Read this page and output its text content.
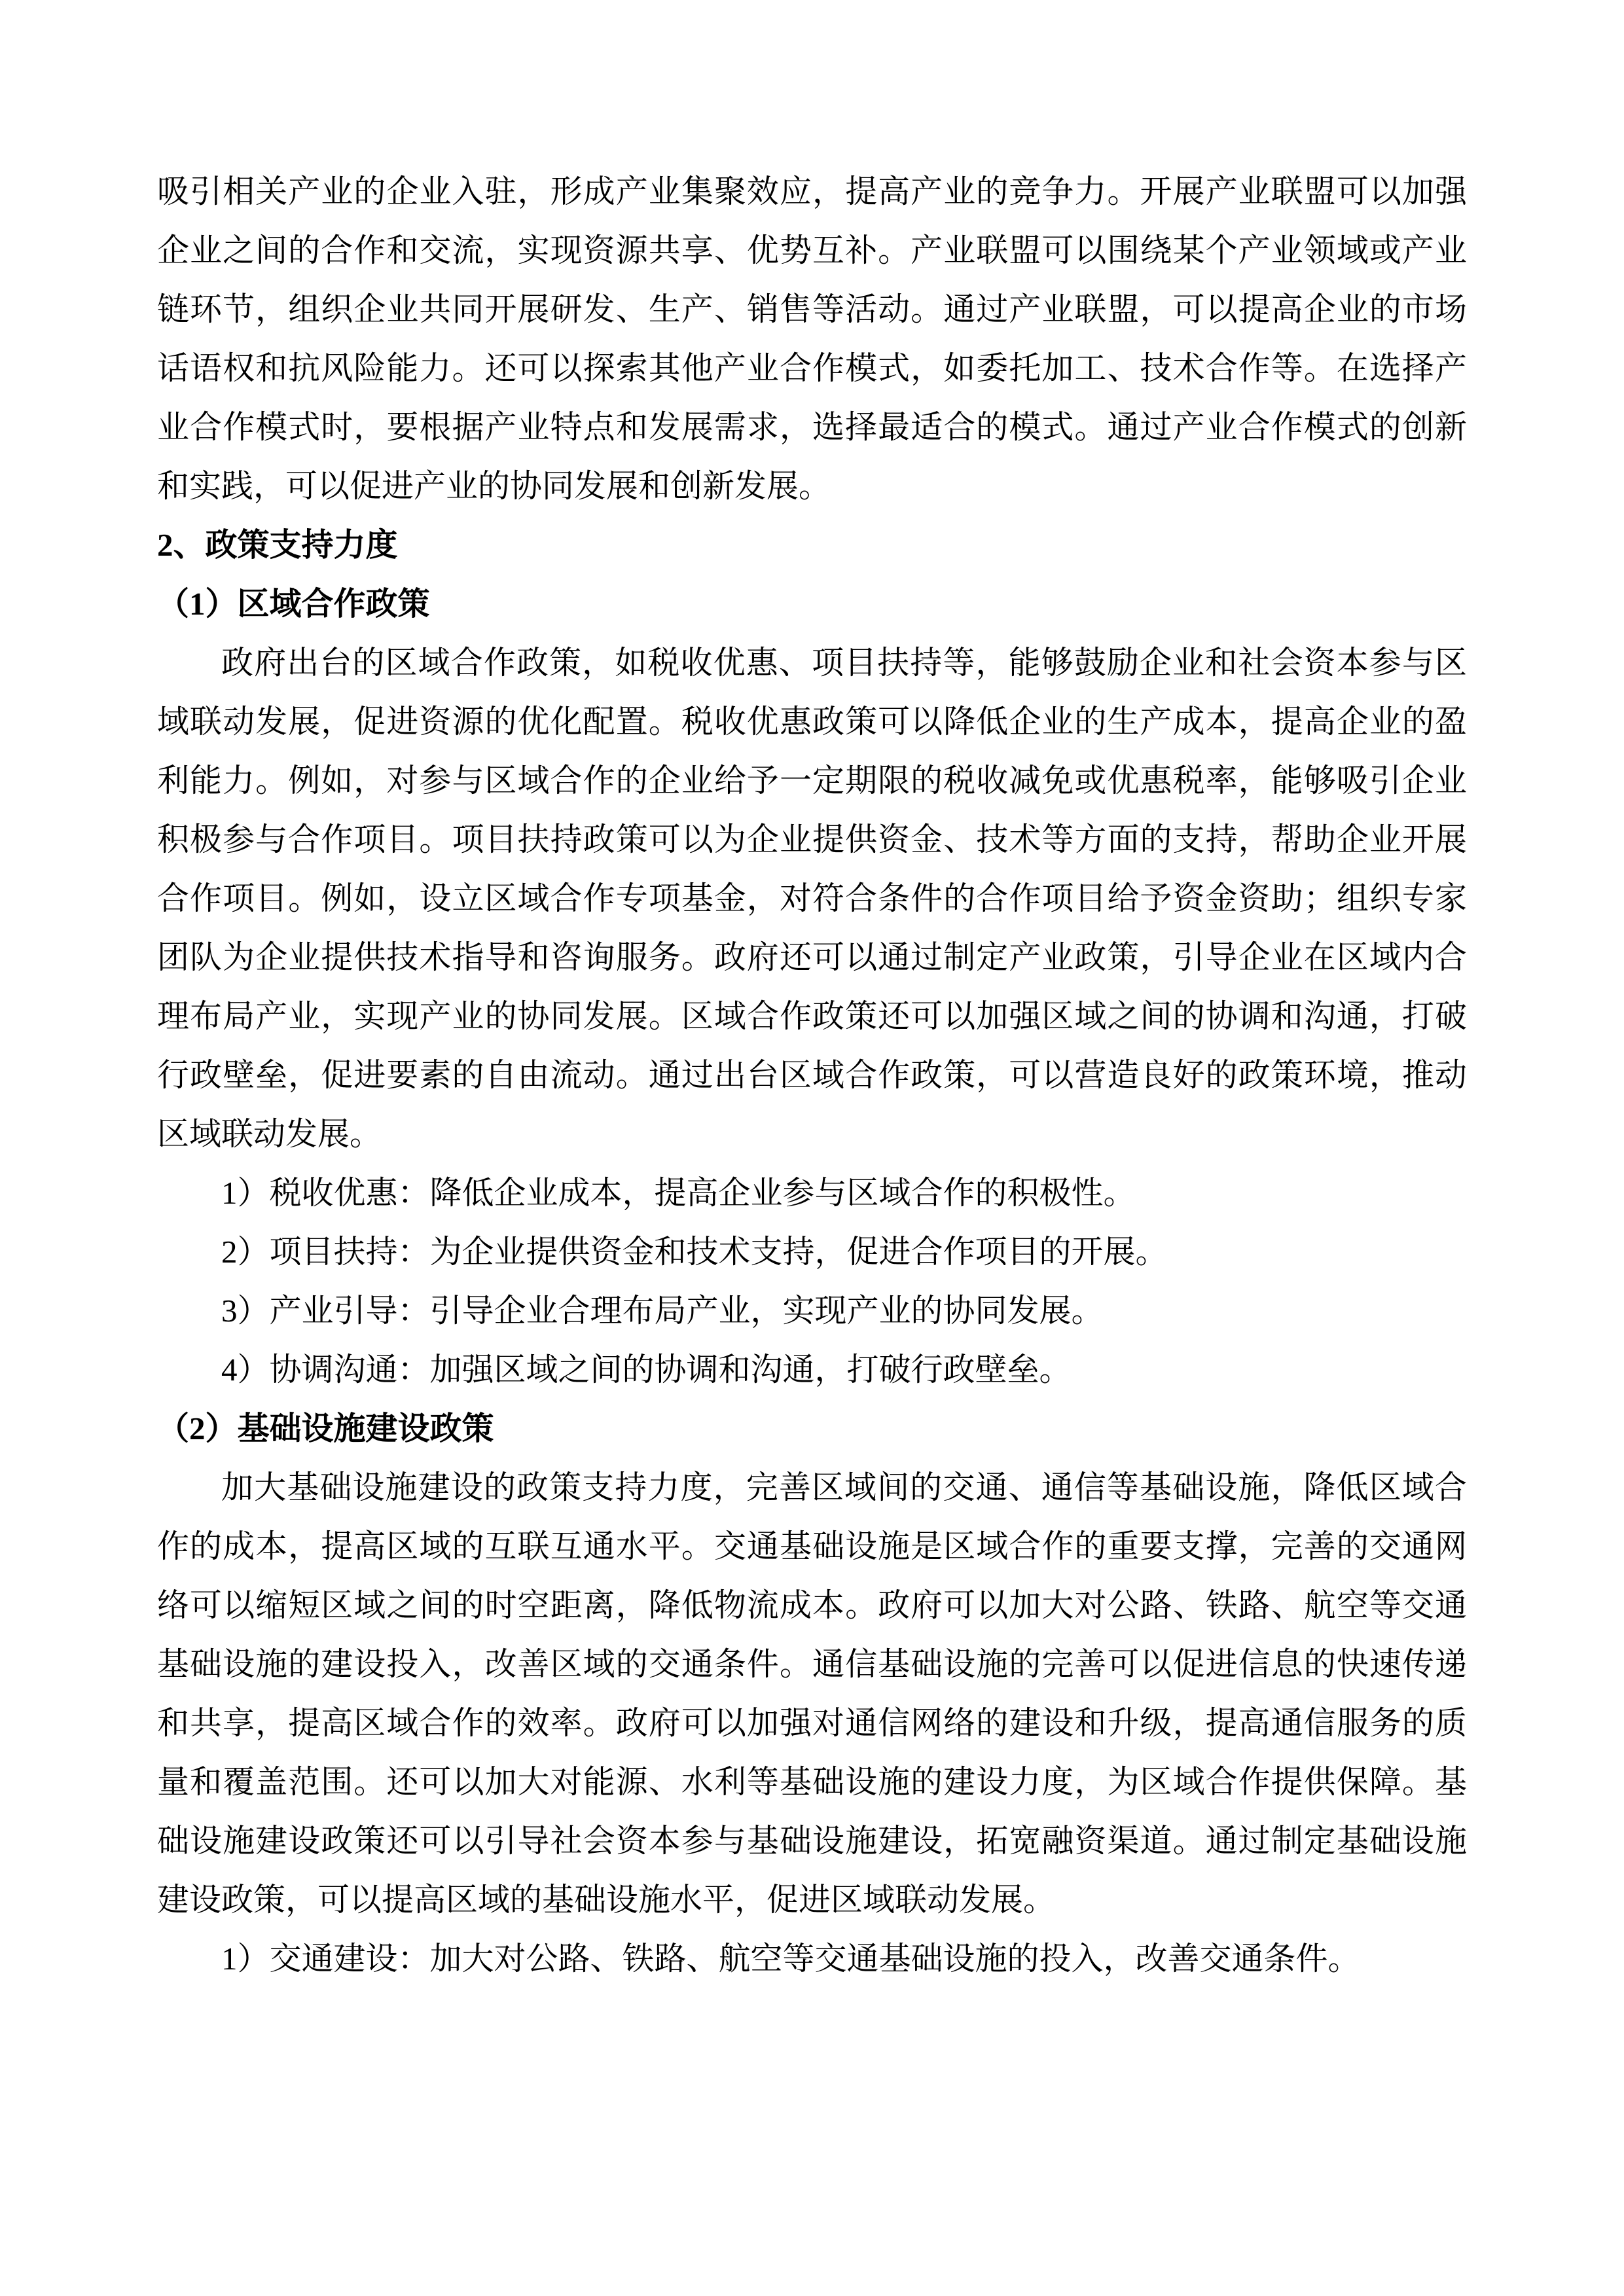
吸引相关产业的企业入驻，形成产业集聚效应，提高产业的竞争力。开展产业联盟可以加强企业之间的合作和交流，实现资源共享、优势互补。产业联盟可以围绕某个产业领域或产业链环节，组织企业共同开展研发、生产、销售等活动。通过产业联盟，可以提高企业的市场话语权和抗风险能力。还可以探索其他产业合作模式，如委托加工、技术合作等。在选择产业合作模式时，要根据产业特点和发展需求，选择最适合的模式。通过产业合作模式的创新和实践，可以促进产业的协同发展和创新发展。

2、政策支持力度

（1）区域合作政策

政府出台的区域合作政策，如税收优惠、项目扶持等，能够鼓励企业和社会资本参与区域联动发展，促进资源的优化配置。税收优惠政策可以降低企业的生产成本，提高企业的盈利能力。例如，对参与区域合作的企业给予一定期限的税收减免或优惠税率，能够吸引企业积极参与合作项目。项目扶持政策可以为企业提供资金、技术等方面的支持，帮助企业开展合作项目。例如，设立区域合作专项基金，对符合条件的合作项目给予资金资助；组织专家团队为企业提供技术指导和咨询服务。政府还可以通过制定产业政策，引导企业在区域内合理布局产业，实现产业的协同发展。区域合作政策还可以加强区域之间的协调和沟通，打破行政壁垒，促进要素的自由流动。通过出台区域合作政策，可以营造良好的政策环境，推动区域联动发展。

1）税收优惠：降低企业成本，提高企业参与区域合作的积极性。

2）项目扶持：为企业提供资金和技术支持，促进合作项目的开展。

3）产业引导：引导企业合理布局产业，实现产业的协同发展。

4）协调沟通：加强区域之间的协调和沟通，打破行政壁垒。

（2）基础设施建设政策

加大基础设施建设的政策支持力度，完善区域间的交通、通信等基础设施，降低区域合作的成本，提高区域的互联互通水平。交通基础设施是区域合作的重要支撑，完善的交通网络可以缩短区域之间的时空距离，降低物流成本。政府可以加大对公路、铁路、航空等交通基础设施的建设投入，改善区域的交通条件。通信基础设施的完善可以促进信息的快速传递和共享，提高区域合作的效率。政府可以加强对通信网络的建设和升级，提高通信服务的质量和覆盖范围。还可以加大对能源、水利等基础设施的建设力度，为区域合作提供保障。基础设施建设政策还可以引导社会资本参与基础设施建设，拓宽融资渠道。通过制定基础设施建设政策，可以提高区域的基础设施水平，促进区域联动发展。

1）交通建设：加大对公路、铁路、航空等交通基础设施的投入，改善交通条件。
